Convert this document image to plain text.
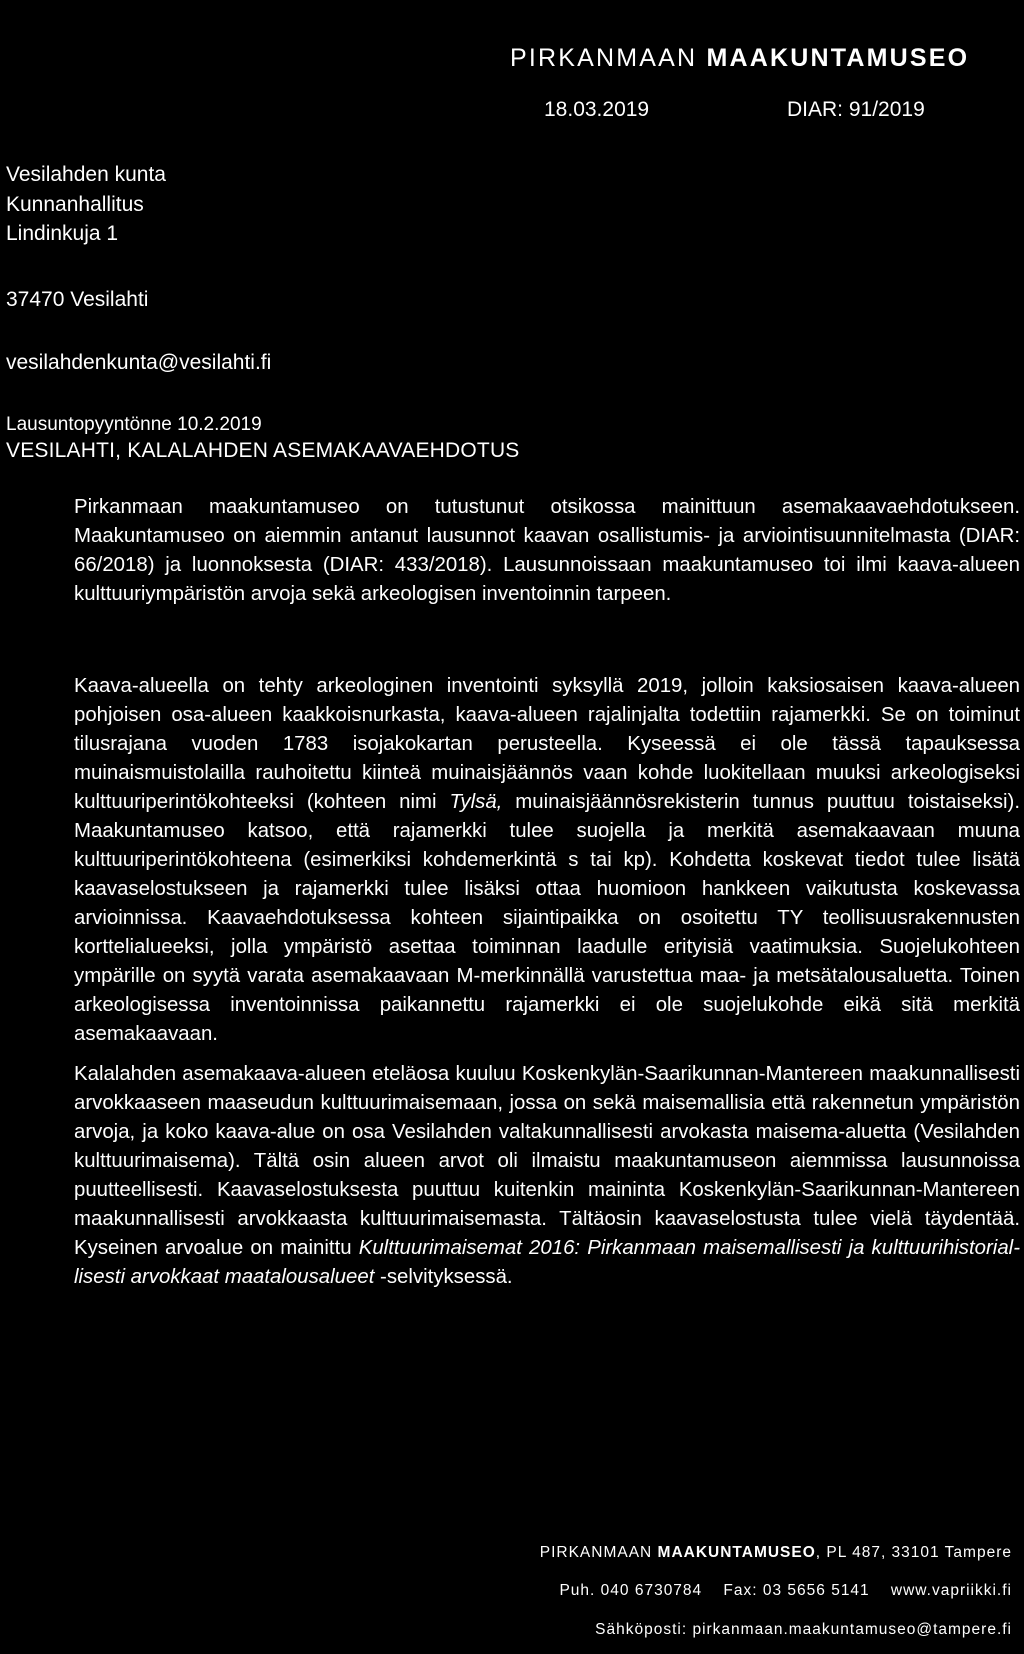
PIRKANMAAN MAAKUNTAMUSEO
18.03.2019	DIAR: 91/2019
Vesilahden kunta
Kunnanhallitus
Lindinkuja 1
37470 Vesilahti
vesilahdenkunta@vesilahti.fi
Lausuntopyyntönne 10.2.2019
VESILAHTI, KALALAHDEN ASEMAKAAVAEHDOTUS

Pirkanmaan maakuntamuseo on tutustunut otsikossa mainittuun asemakaavaehdotukseen. Maakuntamuseo on aiemmin antanut lausunnot kaavan osallistumis- ja arviointisuunnitelmasta (DIAR: 66/2018) ja luonnoksesta (DIAR: 433/2018). Lausunnoissaan maakuntamuseo toi ilmi kaava-alueen kulttuuriympäristön arvoja sekä arkeologisen inventoinnin tarpeen.

Kaava-alueella on tehty arkeologinen inventointi syksyllä 2019, jolloin kaksiosaisen kaava-alueen pohjoisen osa-alueen kaakkoisnurkasta, kaava-alueen rajalinjalta todettiin rajamerkki. Se on toiminut tilusrajana vuoden 1783 isojakokartan perusteella. Kyseessä ei ole tässä tapauksessa muinaismuistolailla rauhoitettu kiinteä muinaisjäännös vaan kohde luokitellaan muuksi arkeologiseksi kulttuuriperintökohteeksi (kohteen nimi Tylsä, muinaisjäännösrekisterin tunnus puuttuu toistaiseksi). Maakuntamuseo katsoo, että rajamerkki tulee suojella ja merkitä asemakaavaan muuna kulttuuriperintökohteena (esimerkiksi kohdemerkintä s tai kp). Kohdetta koskevat tiedot tulee lisätä kaavaselostukseen ja rajamerkki tulee lisäksi ottaa huomioon hankkeen vaikutusta koskevassa arvioinnissa. Kaavaehdotuksessa kohteen sijaintipaikka on osoitettu TY teollisuusrakennusten korttelialueeksi, jolla ympäristö asettaa toiminnan laadulle erityisiä vaatimuksia. Suojelukohteen ympärille on syytä varata asemakaavaan M-merkinnällä varustettua maa- ja metsätalousaluetta. Toinen arkeologisessa inventoinnissa paikannettu rajamerkki ei ole suojelukohde eikä sitä merkitä asemakaavaan.

Kalalahden asemakaava-alueen eteläosa kuuluu Koskenkylän-Saarikunnan-Mantereen maakunnallisesti arvokkaaseen maaseudun kulttuurimaisemaan, jossa on sekä maisemallisia että rakennetun ympäristön arvoja, ja koko kaava-alue on osa Vesilahden valtakunnallisesti arvokasta maisema-aluetta (Vesilahden kulttuurimaisema). Tältä osin alueen arvot oli ilmaistu maakuntamuseon aiemmissa lausunnoissa puutteellisesti. Kaavaselostuksesta puuttuu kuitenkin maininta Koskenkylän-Saarikunnan-Mantereen maakunnallisesti arvokkaasta kulttuurimaisemasta. Tältäosin kaavaselostusta tulee vielä täydentää. Kyseinen arvoalue on mainittu Kulttuurimaisemat 2016: Pirkanmaan maisemallisesti ja kulttuurihistoriallisesti arvokkaat maatalousalueet -selvityksessä.

PIRKANMAAN MAAKUNTAMUSEO, PL 487, 33101 Tampere
Puh. 040 6730784 Fax: 03 5656 5141 www.vapriikki.fi
Sähköposti: pirkanmaan.maakuntamuseo@tampere.fi
